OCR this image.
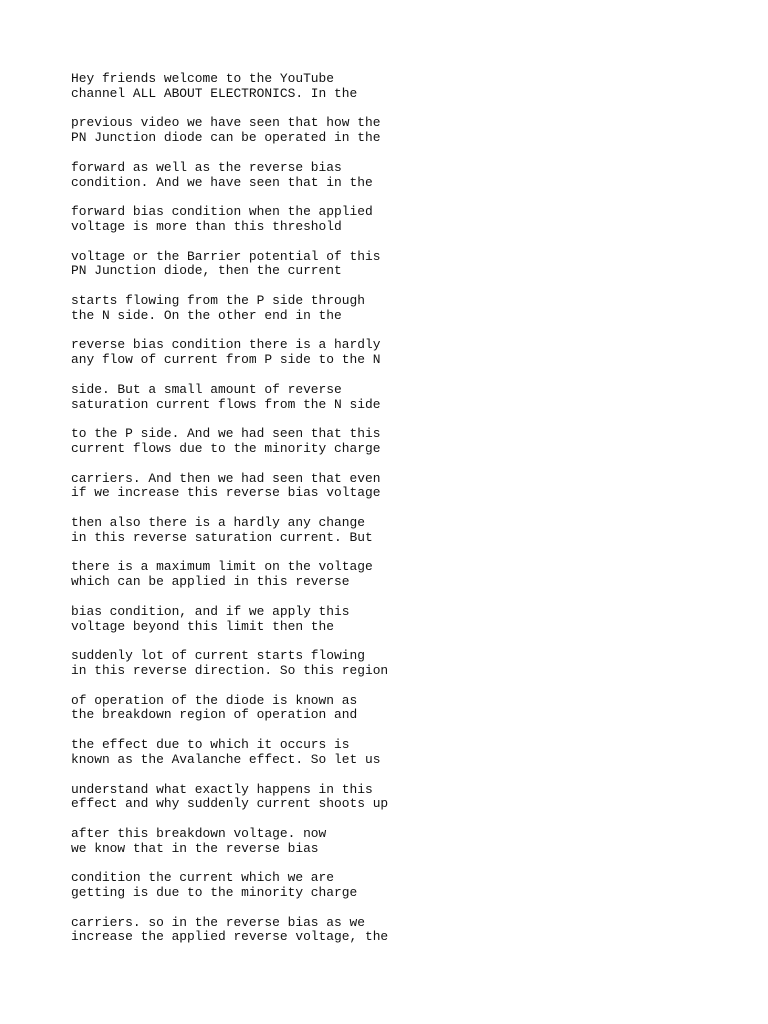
Hey friends welcome to the YouTube
channel ALL ABOUT ELECTRONICS. In the
previous video we have seen that how the
PN Junction diode can be operated in the
forward as well as the reverse bias
condition. And we have seen that in the
forward bias condition when the applied
voltage is more than this threshold
voltage or the Barrier potential of this
PN Junction diode, then the current
starts flowing from the P side through
the N side. On the other end in the
reverse bias condition there is a hardly
any flow of current from P side to the N
side. But a small amount of reverse
saturation current flows from the N side
to the P side. And we had seen that this
current flows due to the minority charge
carriers. And then we had seen that even
if we increase this reverse bias voltage
then also there is a hardly any change
in this reverse saturation current. But
there is a maximum limit on the voltage
which can be applied in this reverse
bias condition, and if we apply this
voltage beyond this limit then the
suddenly lot of current starts flowing
in this reverse direction. So this region
of operation of the diode is known as
the breakdown region of operation and
the effect due to which it occurs is
known as the Avalanche effect. So let us
understand what exactly happens in this
effect and why suddenly current shoots up
after this breakdown voltage. now
we know that in the reverse bias
condition the current which we are
getting is due to the minority charge
carriers. so in the reverse bias as we
increase the applied reverse voltage, the
